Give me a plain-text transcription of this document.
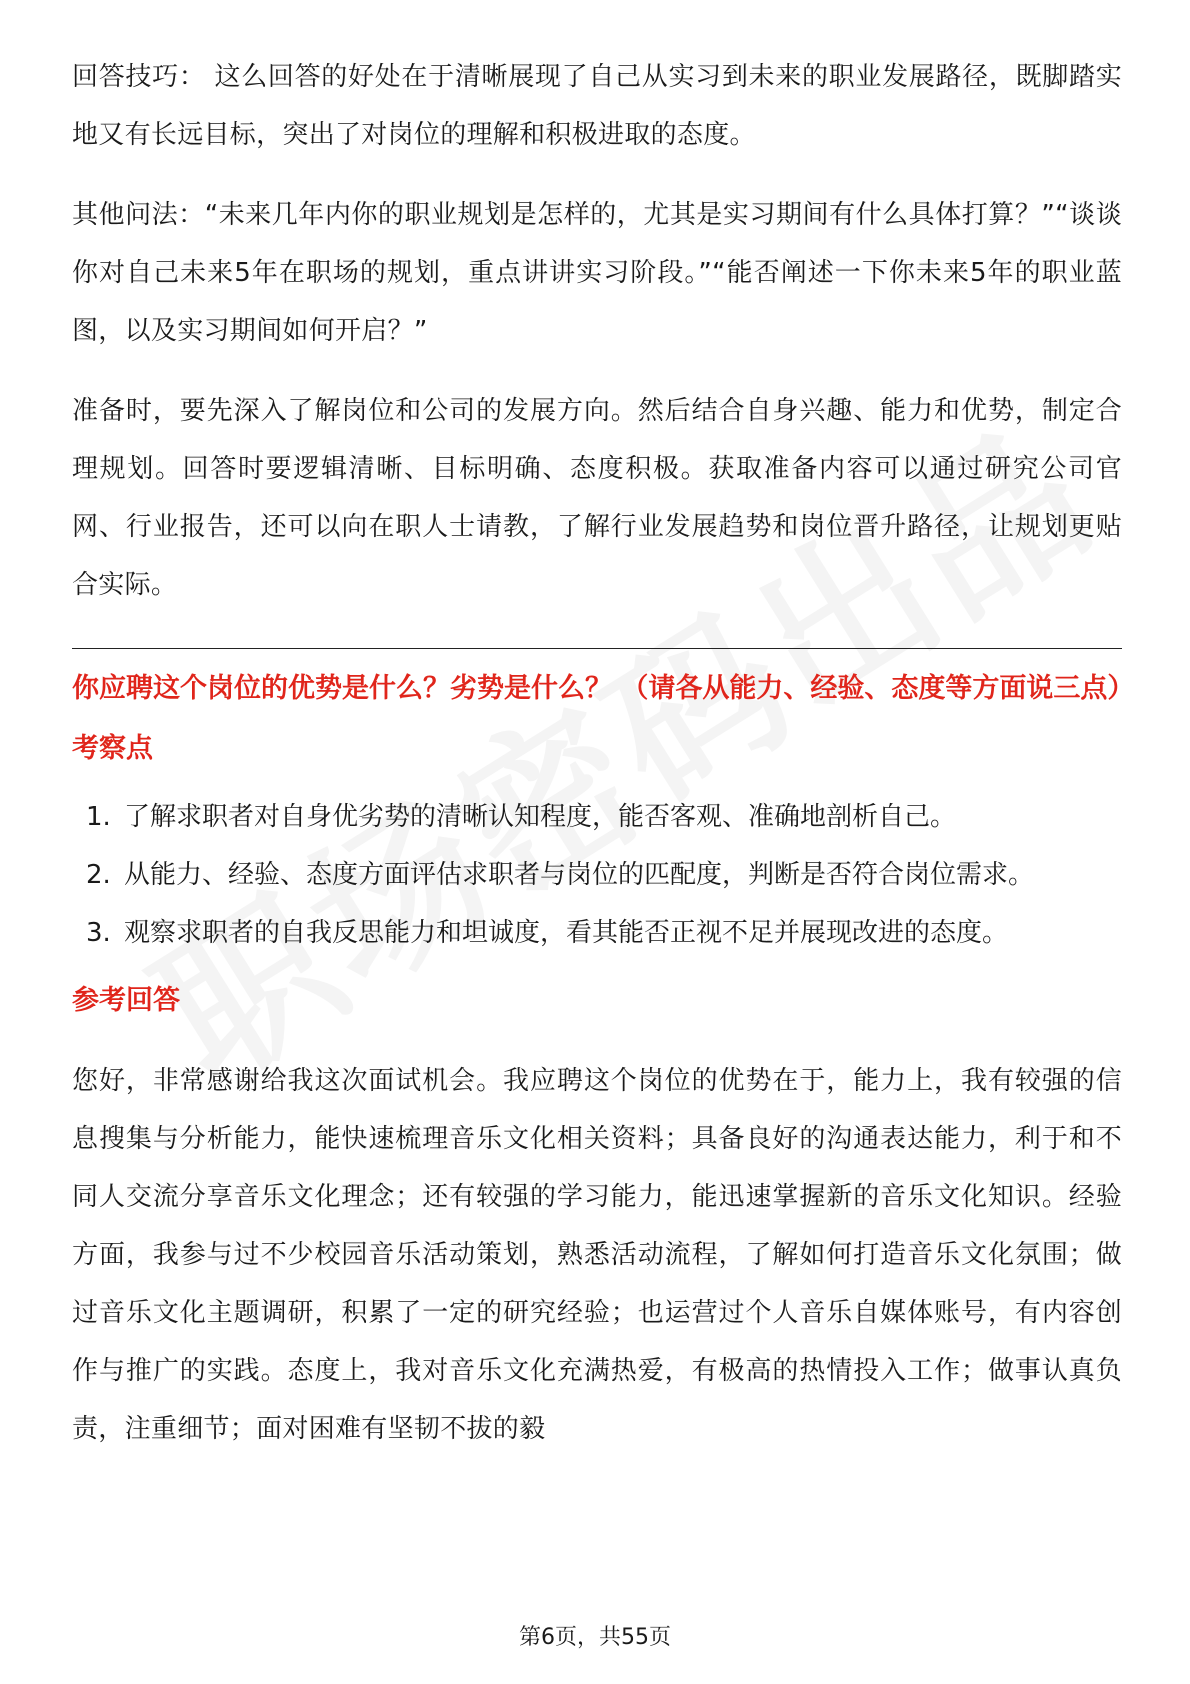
回答技巧： 这么回答的好处在于清晰展现了自己从实习到未来的职业发展路径，既脚踏实地又有长远目标，突出了对岗位的理解和积极进取的态度。

其他问法：“未来几年内你的职业规划是怎样的，尤其是实习期间有什么具体打算？”“谈谈你对自己未来5年在职场的规划，重点讲讲实习阶段。”“能否阐述一下你未来5年的职业蓝图，以及实习期间如何开启？”

准备时，要先深入了解岗位和公司的发展方向。然后结合自身兴趣、能力和优势，制定合理规划。回答时要逻辑清晰、目标明确、态度积极。获取准备内容可以通过研究公司官网、行业报告，还可以向在职人士请教，了解行业发展趋势和岗位晋升路径，让规划更贴合实际。

你应聘这个岗位的优势是什么？劣势是什么？ （请各从能力、经验、态度等方面说三点）
考察点
1. 了解求职者对自身优劣势的清晰认知程度，能否客观、准确地剖析自己。
2. 从能力、经验、态度方面评估求职者与岗位的匹配度，判断是否符合岗位需求。
3. 观察求职者的自我反思能力和坦诚度，看其能否正视不足并展现改进的态度。
参考回答

您好，非常感谢给我这次面试机会。我应聘这个岗位的优势在于，能力上，我有较强的信息搜集与分析能力，能快速梳理音乐文化相关资料；具备良好的沟通表达能力，利于和不同人交流分享音乐文化理念；还有较强的学习能力，能迅速掌握新的音乐文化知识。经验方面，我参与过不少校园音乐活动策划，熟悉活动流程，了解如何打造音乐文化氛围；做过音乐文化主题调研，积累了一定的研究经验；也运营过个人音乐自媒体账号，有内容创作与推广的实践。态度上，我对音乐文化充满热爱，有极高的热情投入工作；做事认真负责，注重细节；面对困难有坚韧不拔的毅

第6页，共55页
